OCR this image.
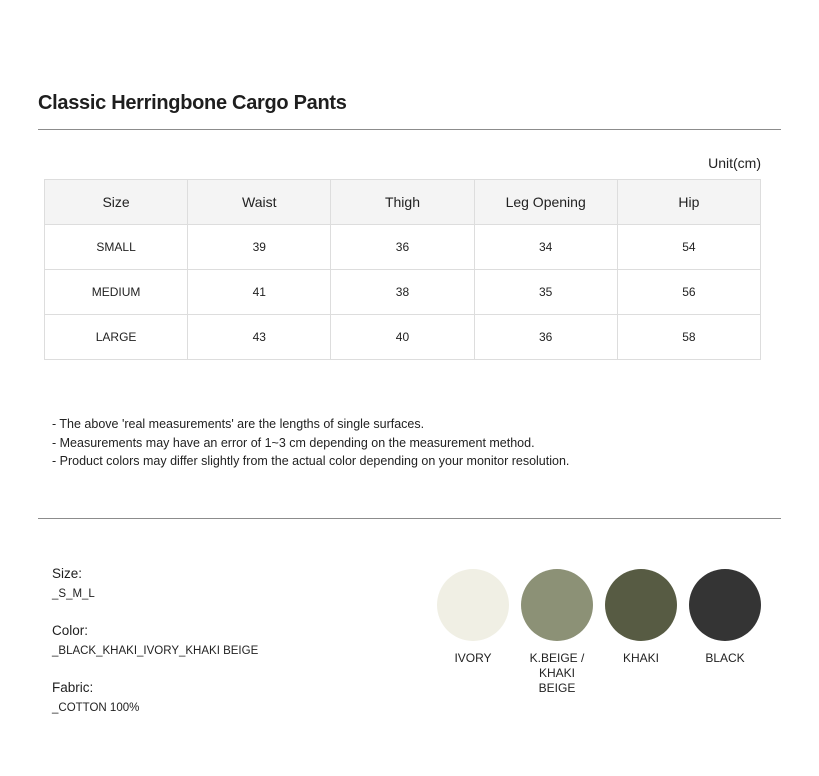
Classic Herringbone Cargo Pants
Unit(cm)
Size	Waist	Thigh	Leg Opening	Hip
SMALL	39	36	34	54
MEDIUM	41	38	35	56
LARGE	43	40	36	58
- The above 'real measurements' are the lengths of single surfaces.
- Measurements may have an error of 1~3 cm depending on the measurement method.
- Product colors may differ slightly from the actual color depending on your monitor resolution.
Size:
_S_M_L
Color:
_BLACK_KHAKI_IVORY_KHAKI BEIGE
Fabric:
_COTTON 100%
IVORY	K.BEIGE /
KHAKI BEIGE
KHAKI	BLACK
